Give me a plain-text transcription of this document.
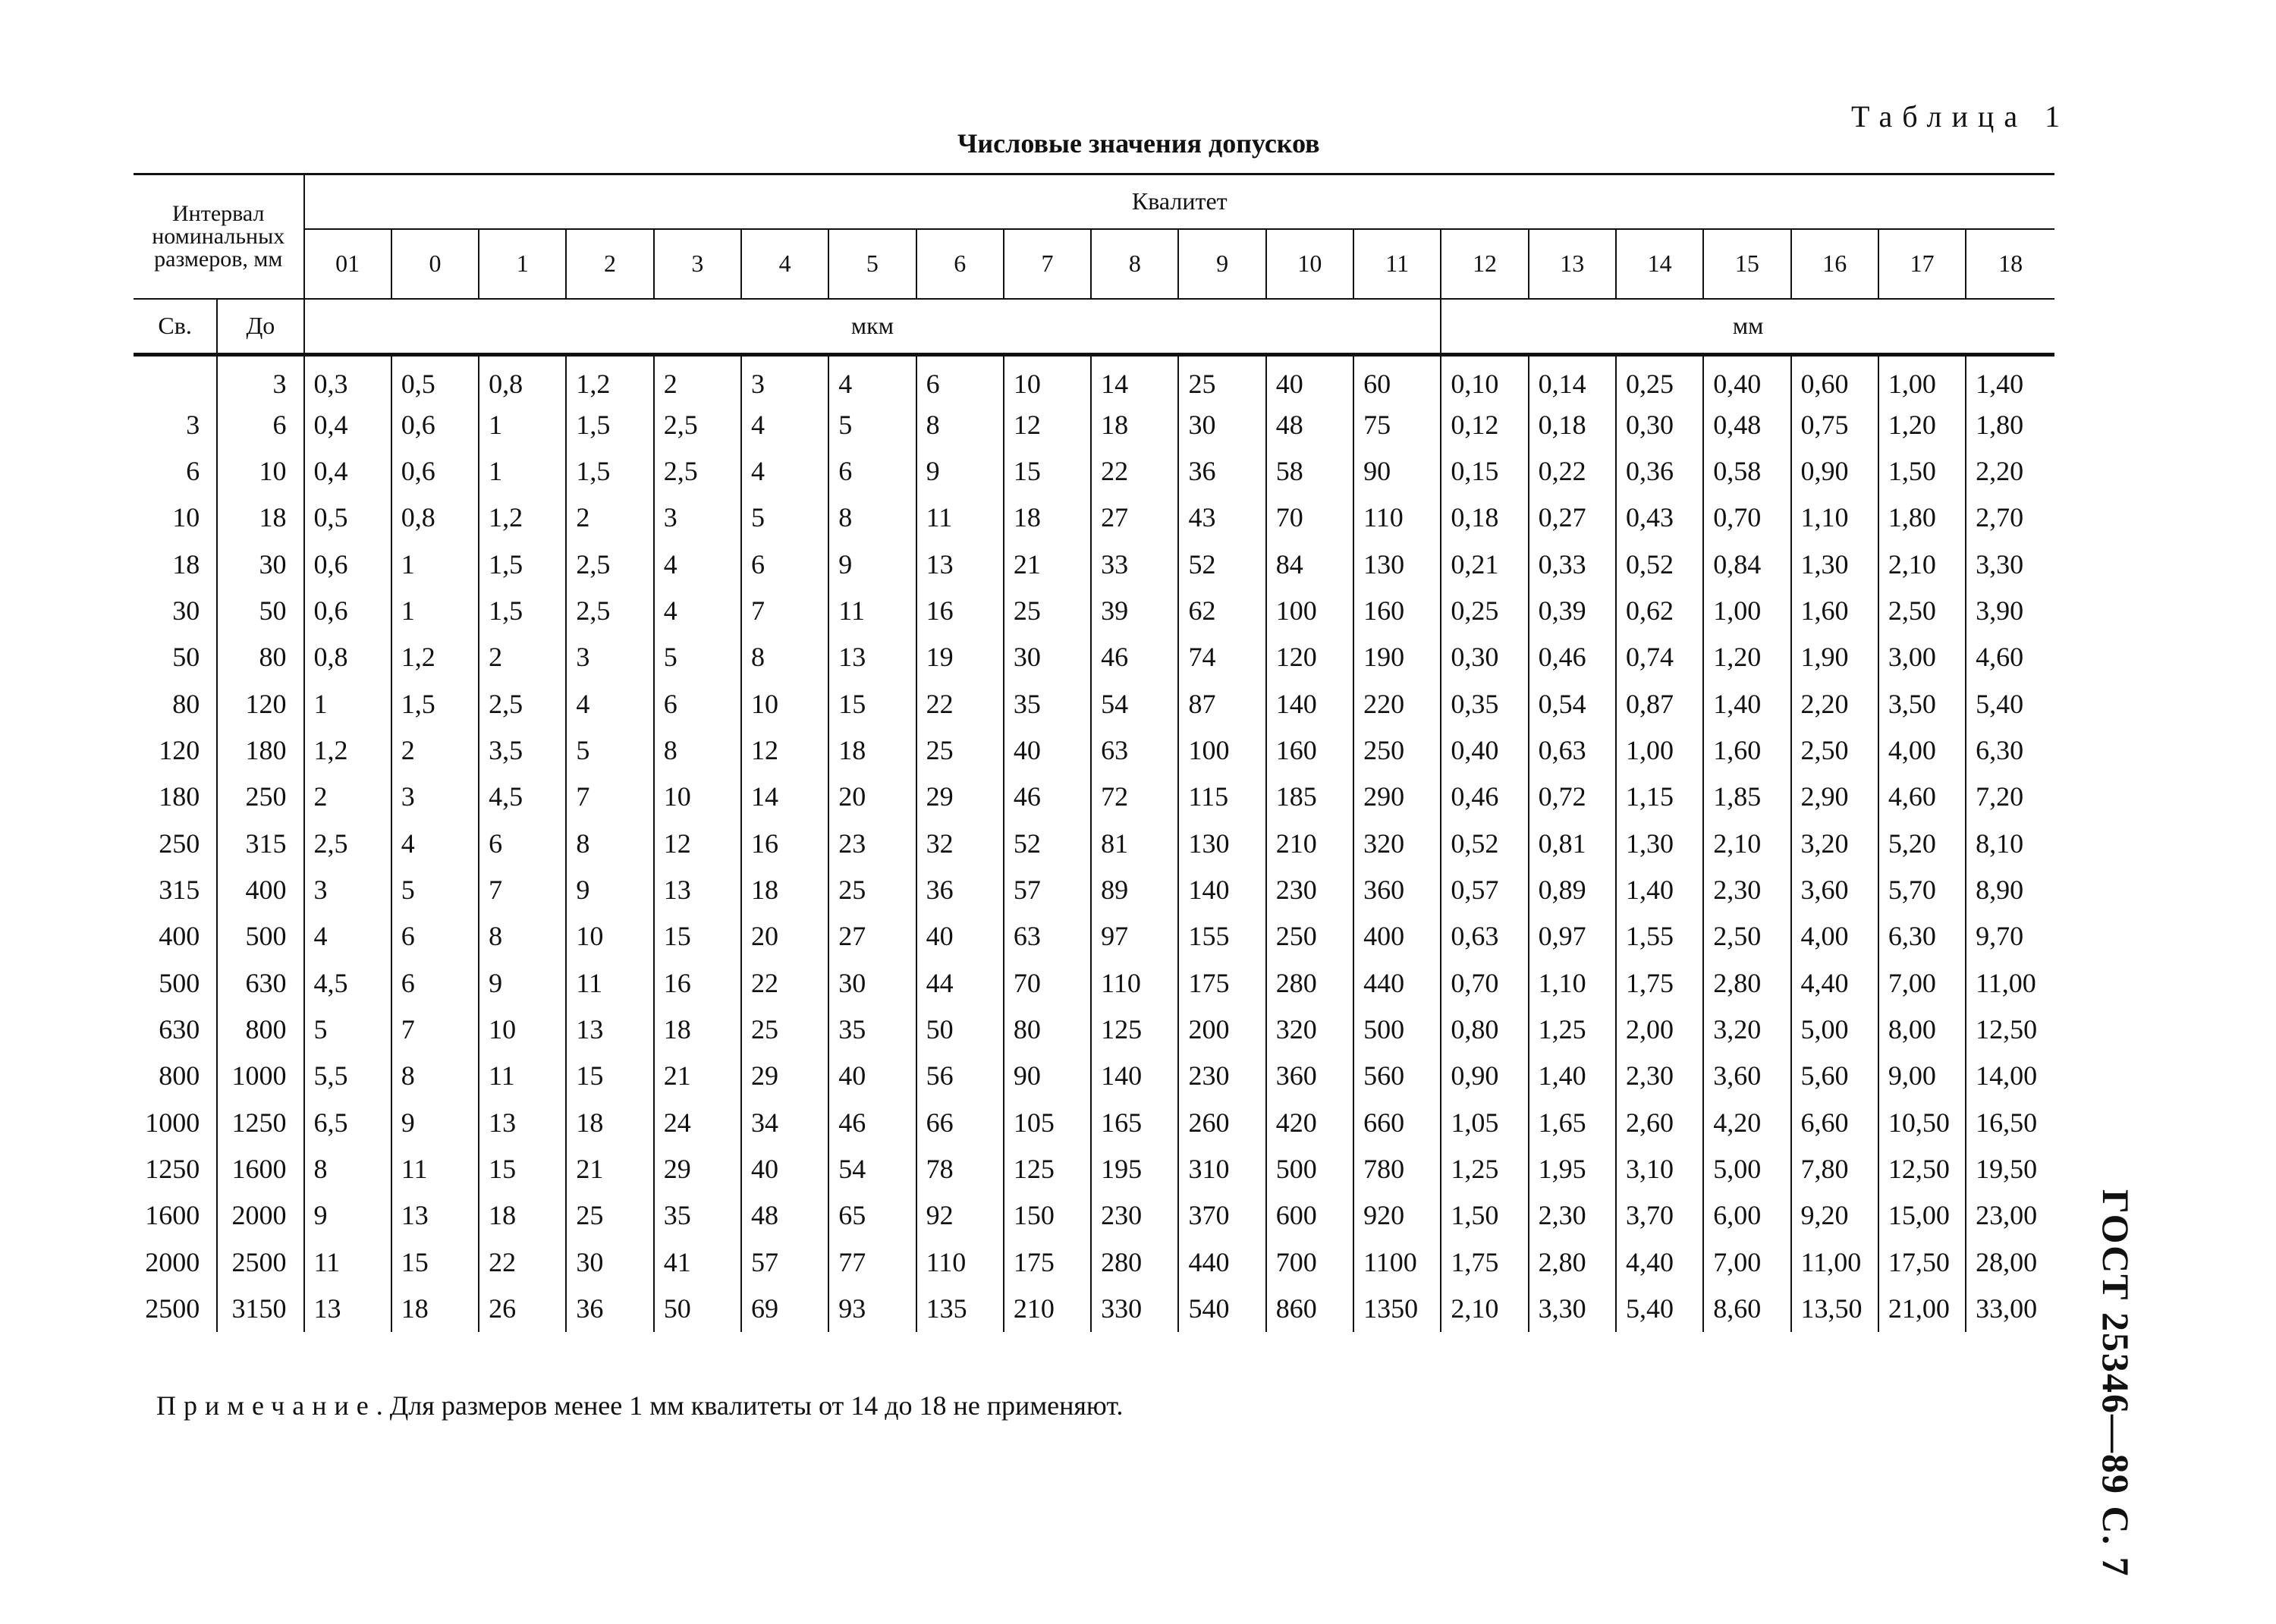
Таблица 1
Числовые значения допусков
Интервал номинальных размеров, мм		Квалитет																			
		01	0	1	2	3	4	5	6	7	8	9	10	11	12	13	14	15	16	17	18
Св.	До	мкм													мм						
	3	0,3	0,5	0,8	1,2	2	3	4	6	10	14	25	40	60	0,10	0,14	0,25	0,40	0,60	1,00	1,40
3	6	0,4	0,6	1	1,5	2,5	4	5	8	12	18	30	48	75	0,12	0,18	0,30	0,48	0,75	1,20	1,80
6	10	0,4	0,6	1	1,5	2,5	4	6	9	15	22	36	58	90	0,15	0,22	0,36	0,58	0,90	1,50	2,20
10	18	0,5	0,8	1,2	2	3	5	8	11	18	27	43	70	110	0,18	0,27	0,43	0,70	1,10	1,80	2,70
18	30	0,6	1	1,5	2,5	4	6	9	13	21	33	52	84	130	0,21	0,33	0,52	0,84	1,30	2,10	3,30
30	50	0,6	1	1,5	2,5	4	7	11	16	25	39	62	100	160	0,25	0,39	0,62	1,00	1,60	2,50	3,90
50	80	0,8	1,2	2	3	5	8	13	19	30	46	74	120	190	0,30	0,46	0,74	1,20	1,90	3,00	4,60
80	120	1	1,5	2,5	4	6	10	15	22	35	54	87	140	220	0,35	0,54	0,87	1,40	2,20	3,50	5,40
120	180	1,2	2	3,5	5	8	12	18	25	40	63	100	160	250	0,40	0,63	1,00	1,60	2,50	4,00	6,30
180	250	2	3	4,5	7	10	14	20	29	46	72	115	185	290	0,46	0,72	1,15	1,85	2,90	4,60	7,20
250	315	2,5	4	6	8	12	16	23	32	52	81	130	210	320	0,52	0,81	1,30	2,10	3,20	5,20	8,10
315	400	3	5	7	9	13	18	25	36	57	89	140	230	360	0,57	0,89	1,40	2,30	3,60	5,70	8,90
400	500	4	6	8	10	15	20	27	40	63	97	155	250	400	0,63	0,97	1,55	2,50	4,00	6,30	9,70
500	630	4,5	6	9	11	16	22	30	44	70	110	175	280	440	0,70	1,10	1,75	2,80	4,40	7,00	11,00
630	800	5	7	10	13	18	25	35	50	80	125	200	320	500	0,80	1,25	2,00	3,20	5,00	8,00	12,50
800	1000	5,5	8	11	15	21	29	40	56	90	140	230	360	560	0,90	1,40	2,30	3,60	5,60	9,00	14,00
1000	1250	6,5	9	13	18	24	34	46	66	105	165	260	420	660	1,05	1,65	2,60	4,20	6,60	10,50	16,50
1250	1600	8	11	15	21	29	40	54	78	125	195	310	500	780	1,25	1,95	3,10	5,00	7,80	12,50	19,50
1600	2000	9	13	18	25	35	48	65	92	150	230	370	600	920	1,50	2,30	3,70	6,00	9,20	15,00	23,00
2000	2500	11	15	22	30	41	57	77	110	175	280	440	700	1100	1,75	2,80	4,40	7,00	11,00	17,50	28,00
2500	3150	13	18	26	36	50	69	93	135	210	330	540	860	1350	2,10	3,30	5,40	8,60	13,50	21,00	33,00
Примечание. Для размеров менее 1 мм квалитеты от 14 до 18 не применяют.	ГОСТ 25346—89 С. 7
